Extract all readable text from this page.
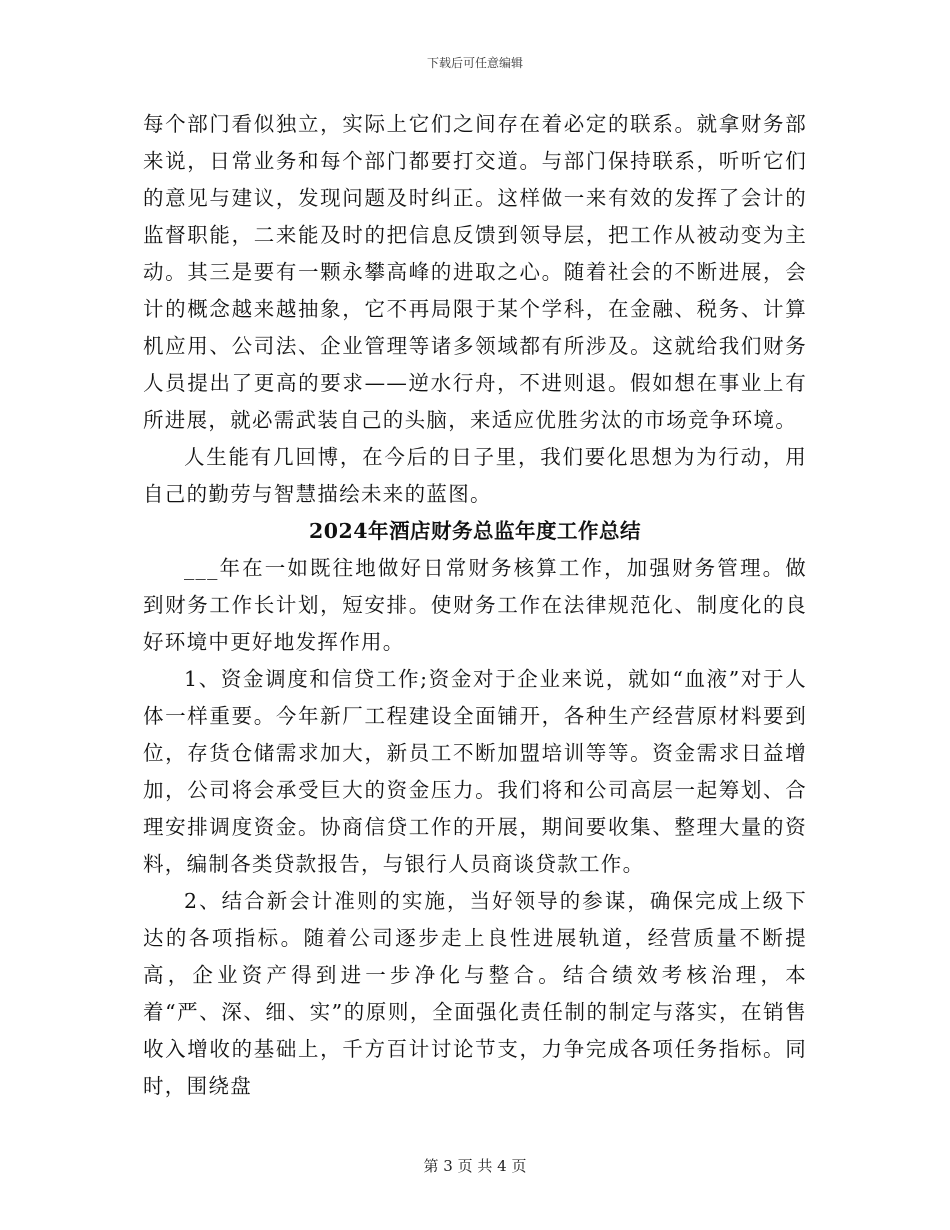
下载后可任意编辑

每个部门看似独立，实际上它们之间存在着必定的联系。就拿财务部来说，日常业务和每个部门都要打交道。与部门保持联系，听听它们的意见与建议，发现问题及时纠正。这样做一来有效的发挥了会计的监督职能，二来能及时的把信息反馈到领导层，把工作从被动变为主动。其三是要有一颗永攀高峰的进取之心。随着社会的不断进展，会计的概念越来越抽象，它不再局限于某个学科，在金融、税务、计算机应用、公司法、企业管理等诸多领域都有所涉及。这就给我们财务人员提出了更高的要求——逆水行舟，不进则退。假如想在事业上有所进展，就必需武装自己的头脑，来适应优胜劣汰的市场竞争环境。

人生能有几回博，在今后的日子里，我们要化思想为为行动，用自己的勤劳与智慧描绘未来的蓝图。

2024年酒店财务总监年度工作总结

___年在一如既往地做好日常财务核算工作，加强财务管理。做到财务工作长计划，短安排。使财务工作在法律规范化、制度化的良好环境中更好地发挥作用。

1、资金调度和信贷工作;资金对于企业来说，就如“血液”对于人体一样重要。今年新厂工程建设全面铺开，各种生产经营原材料要到位，存货仓储需求加大，新员工不断加盟培训等等。资金需求日益增加，公司将会承受巨大的资金压力。我们将和公司高层一起筹划、合理安排调度资金。协商信贷工作的开展，期间要收集、整理大量的资料，编制各类贷款报告，与银行人员商谈贷款工作。

2、结合新会计准则的实施，当好领导的参谋，确保完成上级下达的各项指标。随着公司逐步走上良性进展轨道，经营质量不断提高，企业资产得到进一步净化与整合。结合绩效考核治理，本着“严、深、细、实”的原则，全面强化责任制的制定与落实，在销售收入增收的基础上，千方百计讨论节支，力争完成各项任务指标。同时，围绕盘

第 3 页 共 4 页
